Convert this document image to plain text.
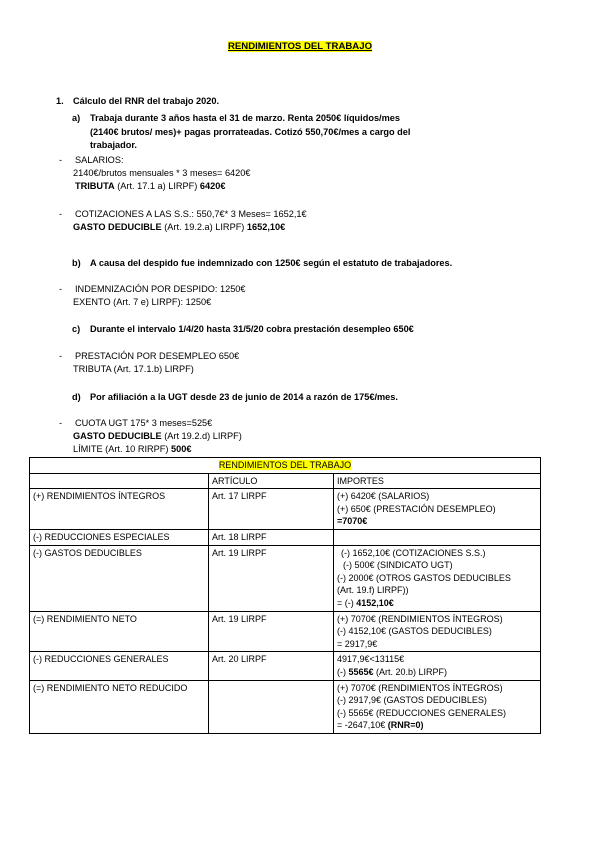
RENDIMIENTOS DEL TRABAJO
1. Cálculo del RNR del trabajo 2020.
a) Trabaja durante 3 años hasta el 31 de marzo. Renta 2050€ líquidos/mes
(2140€ brutos/ mes)+ pagas prorrateadas. Cotizó 550,70€/mes a cargo del
trabajador.
- SALARIOS:
2140€/brutos mensuales * 3 meses= 6420€
TRIBUTA (Art. 17.1 a) LIRPF) 6420€
- COTIZACIONES A LAS S.S.: 550,7€* 3 Meses= 1652,1€
GASTO DEDUCIBLE (Art. 19.2.a) LIRPF) 1652,10€
b) A causa del despido fue indemnizado con 1250€ según el estatuto de trabajadores.
- INDEMNIZACIÓN POR DESPIDO: 1250€
EXENTO (Art. 7 e) LIRPF): 1250€
c) Durante el intervalo 1/4/20 hasta 31/5/20 cobra prestación desempleo 650€
- PRESTACIÓN POR DESEMPLEO 650€
TRIBUTA (Art. 17.1.b) LIRPF)
d) Por afiliación a la UGT desde 23 de junio de 2014 a razón de 175€/mes.
- CUOTA UGT 175* 3 meses=525€
GASTO DEDUCIBLE (Art 19.2.d) LIRPF)
LÍMITE (Art. 10 RIRPF) 500€
RENDIMIENTOS DEL TRABAJO		
	ARTÍCULO	IMPORTES
(+) RENDIMIENTOS ÍNTEGROS	Art. 17 LIRPF	(+) 6420€ (SALARIOS)
(+) 650€ (PRESTACIÓN DESEMPLEO)
=7070€

(-) REDUCCIONES ESPECIALES	Art. 18 LIRPF	
(-) GASTOS DEDUCIBLES	Art. 19 LIRPF	(-) 1652,10€ (COTIZACIONES S.S.)
(-) 500€ (SINDICATO UGT)
(-) 2000€ (OTROS GASTOS DEDUCIBLES
(Art. 19.f) LIRPF))
= (-) 4152,10€

(=) RENDIMIENTO NETO	Art. 19 LIRPF	(+) 7070€ (RENDIMIENTOS ÍNTEGROS)
(-) 4152,10€ (GASTOS DEDUCIBLES)
= 2917,9€

(-) REDUCCIONES GENERALES	Art. 20 LIRPF	4917,9€<13115€
(-) 5565€ (Art. 20.b) LIRPF)

(=) RENDIMIENTO NETO REDUCIDO		(+) 7070€ (RENDIMIENTOS ÍNTEGROS)
(-) 2917,9€ (GASTOS DEDUCIBLES)
(-) 5565€ (REDUCCIONES GENERALES)
= -2647,10€ (RNR=0)
